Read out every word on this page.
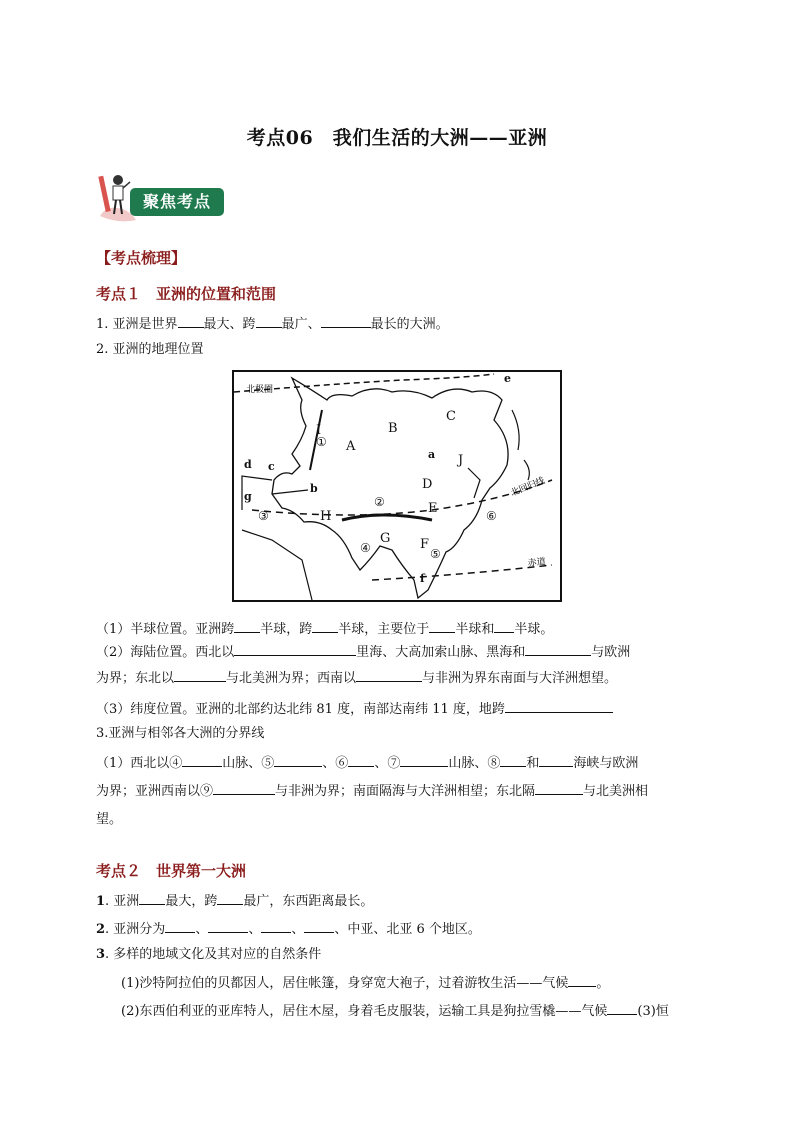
考点06　我们生活的大洲——亚洲
聚焦考点
【考点梳理】
考点１　亚洲的位置和范围
1. 亚洲是世界 最大、跨 最广、	最长的大洲。
2. 亚洲的地理位置
北极圈
北回归线
赤道
A
B
C
D
E
F
G
H
I
J
a
b
c
d
e
f
g
①
②
③
④	⑤
⑥
（1）半球位置。亚洲跨 半球，跨 半球，主要位于 半球和 半球。
（2）海陆位置。西北以	里海、大高加索山脉、黑海和	与欧洲
为界；东北以	与北美洲为界；西南以	与非洲为界东南面与大洋洲想望。
（3）纬度位置。亚洲的北部约达北纬 81 度，南部达南纬 11 度，地跨
3.亚洲与相邻各大洲的分界线
（1）西北以④	山脉、⑤	、⑥ 、⑦	山脉、⑧ 和	海峡与欧洲
为界；亚洲西南以⑨	与非洲为界；南面隔海与大洋洲相望；东北隔	与北美洲相
望。
考点２　世界第一大洲
1. 亚洲 最大，跨 最广，东西距离最长。
2. 亚洲分为 、	、 、 、中亚、北亚 6 个地区。
3. 多样的地域文化及其对应的自然条件
(1)沙特阿拉伯的贝都因人，居住帐篷，身穿宽大袍子，过着游牧生活——气候 。
(2)东西伯利亚的亚库特人，居住木屋，身着毛皮服装，运输工具是狗拉雪橇——气候 (3)恒
